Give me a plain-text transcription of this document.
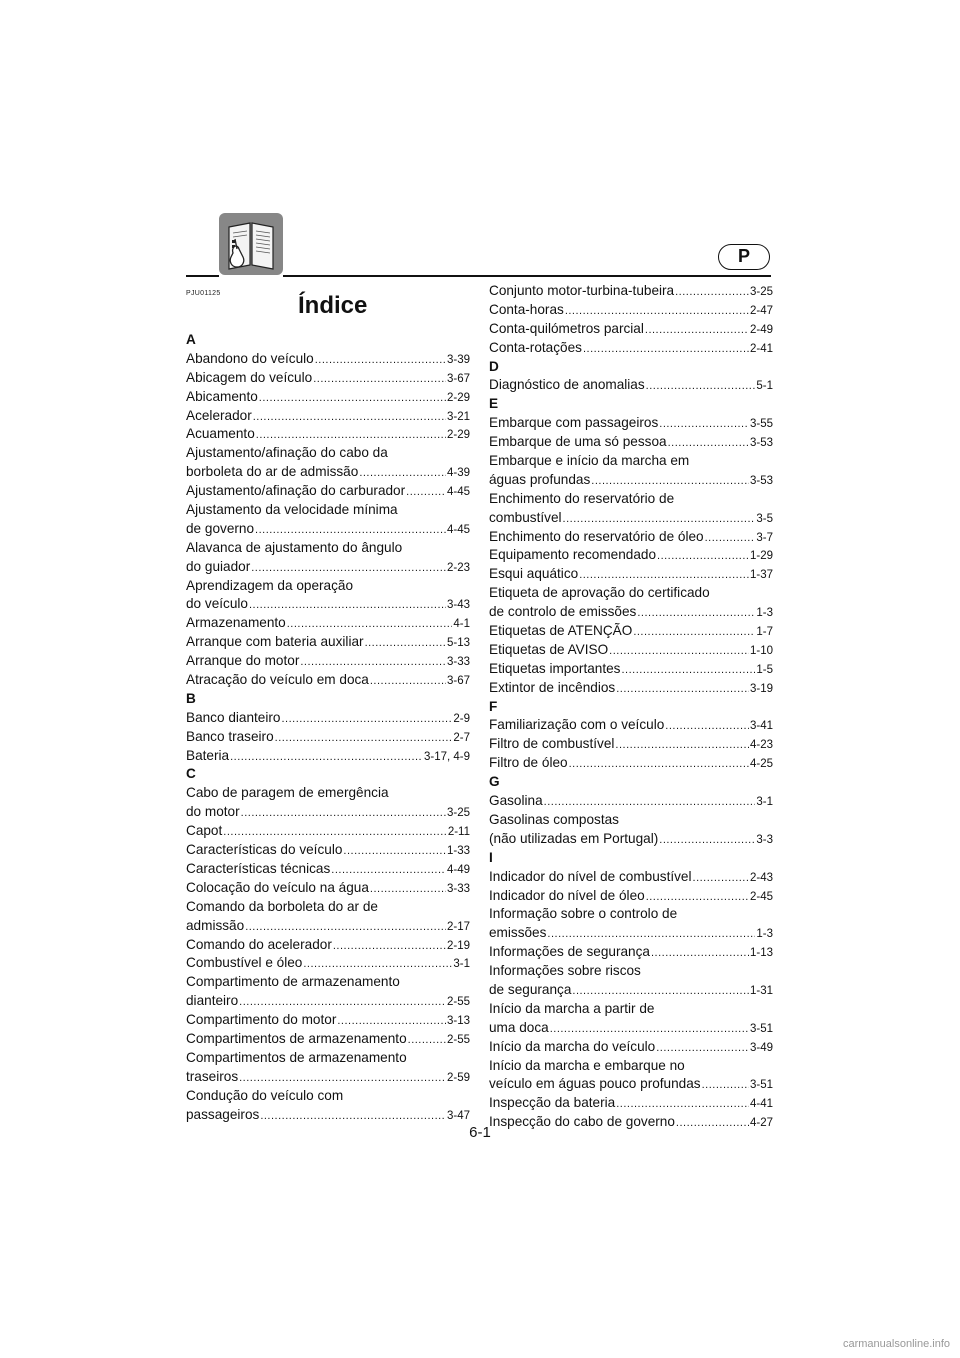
P
PJU01125	Índice
A
Abandono do veículo .....	3-39
Abicagem do veículo .....	3-67
Abicamento .....	2-29
Acelerador .....	3-21
Acuamento .....	2-29
Ajustamento/afinação do cabo da
borboleta do ar de admissão .....	4-39
Ajustamento/afinação do carburador .....	4-45
Ajustamento da velocidade mínima
de governo .....	4-45
Alavanca de ajustamento do ângulo
do guiador .....	2-23
Aprendizagem da operação
do veículo .....	3-43
Armazenamento .....	4-1
Arranque com bateria auxiliar .....	5-13
Arranque do motor .....	3-33
Atracação do veículo em doca .....	3-67
B
Banco dianteiro .....	2-9
Banco traseiro .....	2-7
Bateria .....	3-17, 4-9
C
Cabo de paragem de emergência
do motor .....	3-25
Capot .....	2-11
Características do veículo .....	1-33
Características técnicas .....	4-49
Colocação do veículo na água .....	3-33
Comando da borboleta do ar de
admissão .....	2-17
Comando do acelerador .....	2-19
Combustível e óleo .....	3-1
Compartimento de armazenamento
dianteiro .....	2-55
Compartimento do motor .....	3-13
Compartimentos de armazenamento .....	2-55
Compartimentos de armazenamento
traseiros .....	2-59
Condução do veículo com
passageiros .....	3-47
Conjunto motor-turbina-tubeira .....	3-25
Conta-horas .....	2-47
Conta-quilómetros parcial .....	2-49
Conta-rotações .....	2-41
D
Diagnóstico de anomalias .....	5-1
E
Embarque com passageiros .....	3-55
Embarque de uma só pessoa .....	3-53
Embarque e início da marcha em
águas profundas .....	3-53
Enchimento do reservatório de
combustível .....	3-5
Enchimento do reservatório de óleo .....	3-7
Equipamento recomendado .....	1-29
Esqui aquático .....	1-37
Etiqueta de aprovação do certificado
de controlo de emissões .....	1-3
Etiquetas de ATENÇÃO .....	1-7
Etiquetas de AVISO .....	1-10
Etiquetas importantes .....	1-5
Extintor de incêndios .....	3-19
F
Familiarização com o veículo .....	3-41
Filtro de combustível .....	4-23
Filtro de óleo .....	4-25
G
Gasolina .....	3-1
Gasolinas compostas
(não utilizadas em Portugal) .....	3-3
I
Indicador do nível de combustível .....	2-43
Indicador do nível de óleo .....	2-45
Informação sobre o controlo de
emissões .....	1-3
Informações de segurança .....	1-13
Informações sobre riscos
de segurança .....	1-31
Início da marcha a partir de
uma doca .....	3-51
Início da marcha do veículo .....	3-49
Início da marcha e embarque no
veículo em águas pouco profundas .....	3-51
Inspecção da bateria .....	4-41
Inspecção do cabo de governo .....	4-27
6-1
carmanualsonline.info
